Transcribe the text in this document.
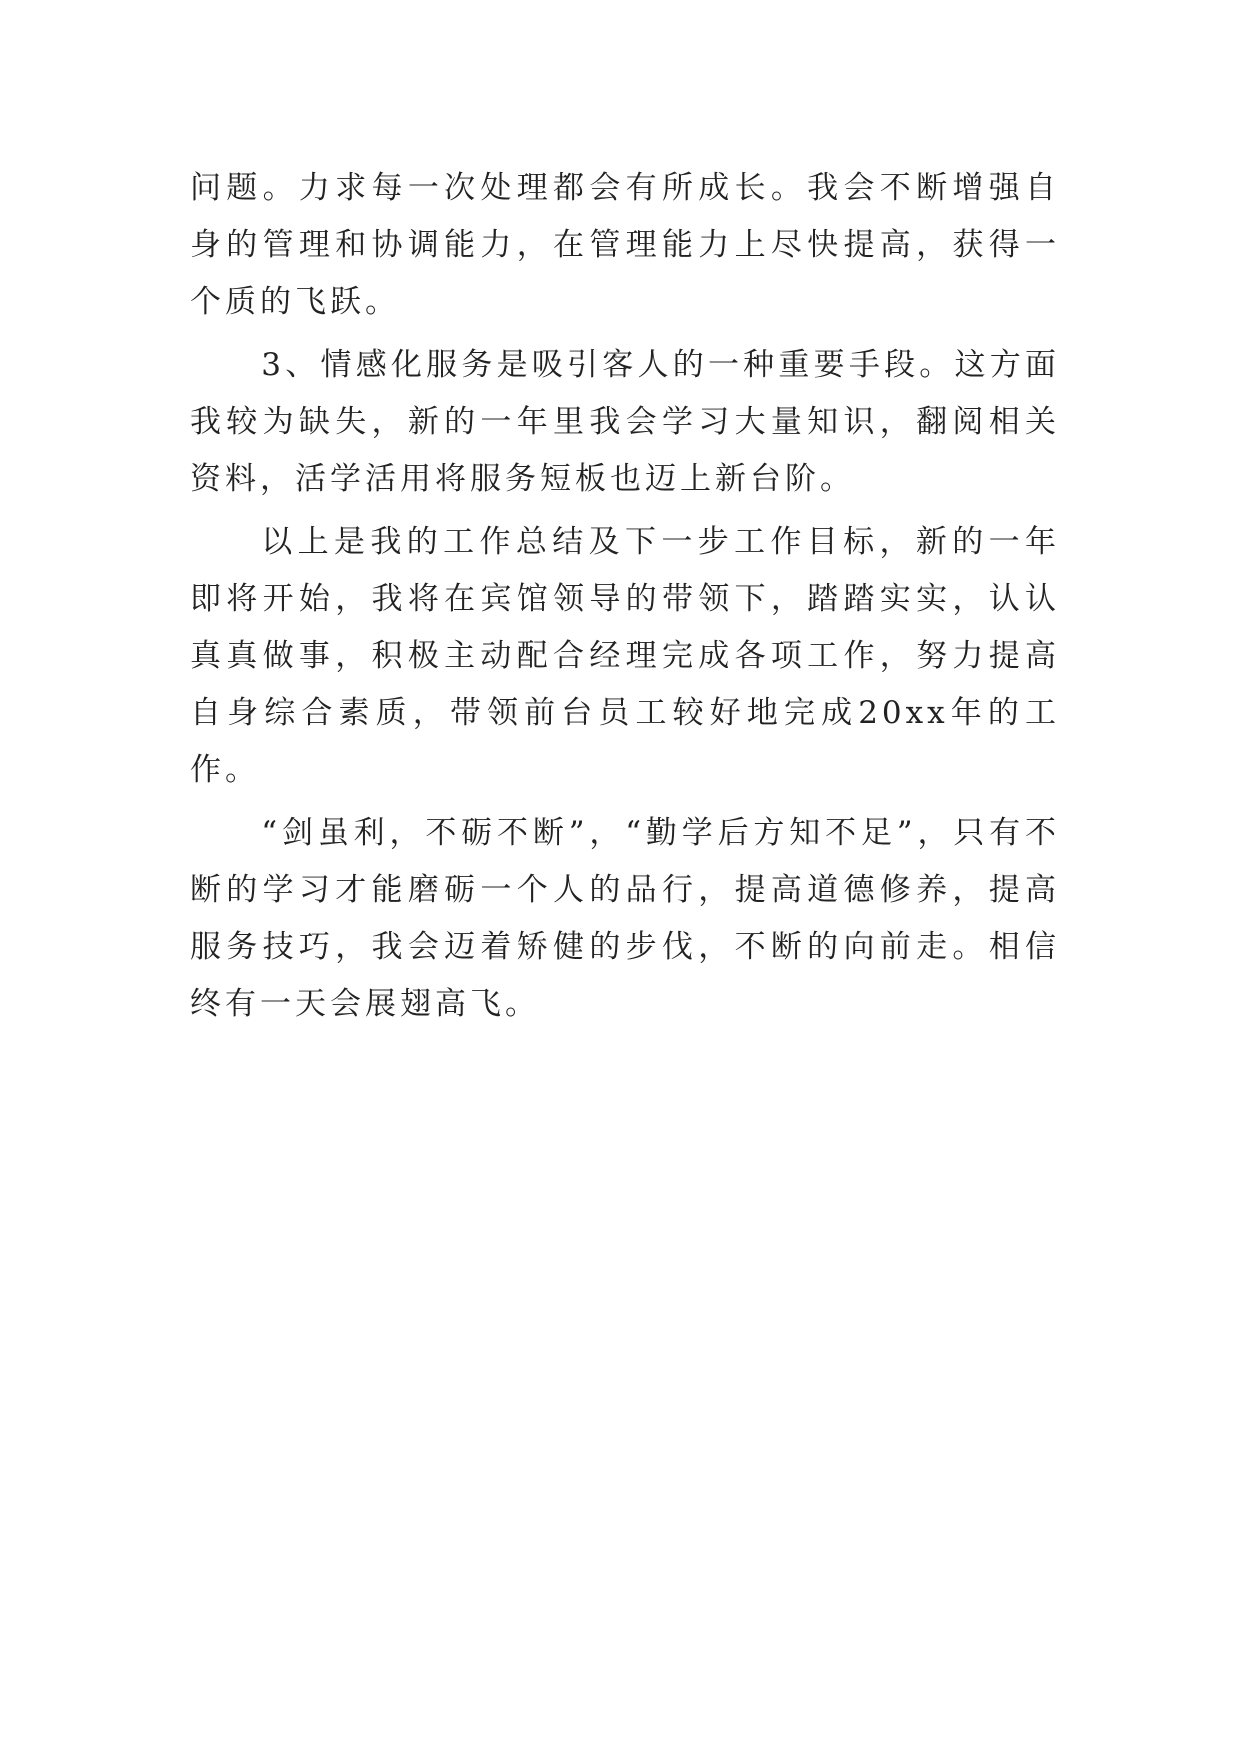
问题。力求每一次处理都会有所成长。我会不断增强自身的管理和协调能力，在管理能力上尽快提高，获得一个质的飞跃。

3、情感化服务是吸引客人的一种重要手段。这方面我较为缺失，新的一年里我会学习大量知识，翻阅相关资料，活学活用将服务短板也迈上新台阶。

以上是我的工作总结及下一步工作目标，新的一年即将开始，我将在宾馆领导的带领下，踏踏实实，认认真真做事，积极主动配合经理完成各项工作，努力提高自身综合素质，带领前台员工较好地完成20xx年的工作。

“剑虽利，不砺不断”，“勤学后方知不足”，只有不断的学习才能磨砺一个人的品行，提高道德修养，提高服务技巧，我会迈着矫健的步伐，不断的向前走。相信终有一天会展翅高飞。
